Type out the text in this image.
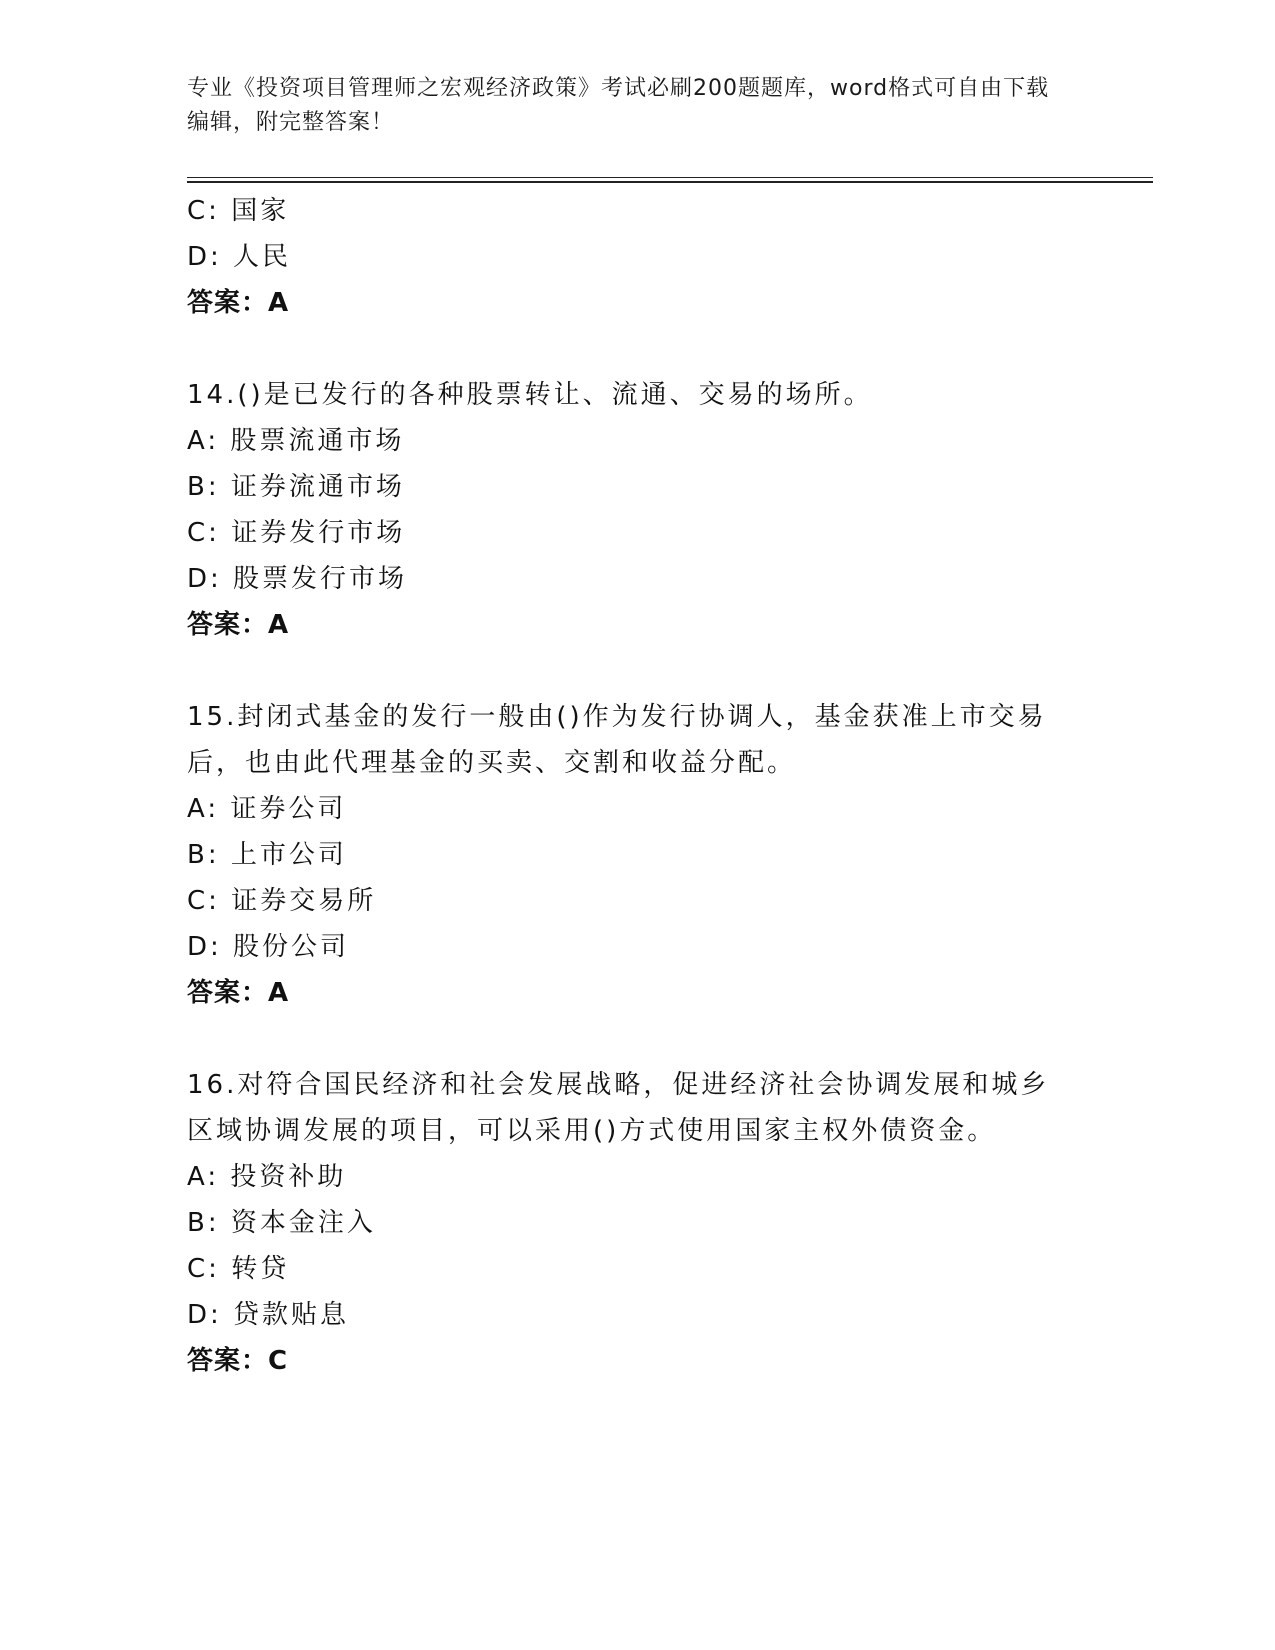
专业《投资项目管理师之宏观经济政策》考试必刷200题题库，word格式可自由下载编辑，附完整答案！
C: 国家
D: 人民
答案：A
14.()是已发行的各种股票转让、流通、交易的场所。
A: 股票流通市场
B: 证券流通市场
C: 证券发行市场
D: 股票发行市场
答案：A
15.封闭式基金的发行一般由()作为发行协调人，基金获准上市交易后，也由此代理基金的买卖、交割和收益分配。
A: 证券公司
B: 上市公司
C: 证券交易所
D: 股份公司
答案：A
16.对符合国民经济和社会发展战略，促进经济社会协调发展和城乡区域协调发展的项目，可以采用()方式使用国家主权外债资金。
A: 投资补助
B: 资本金注入
C: 转贷
D: 贷款贴息
答案：C
